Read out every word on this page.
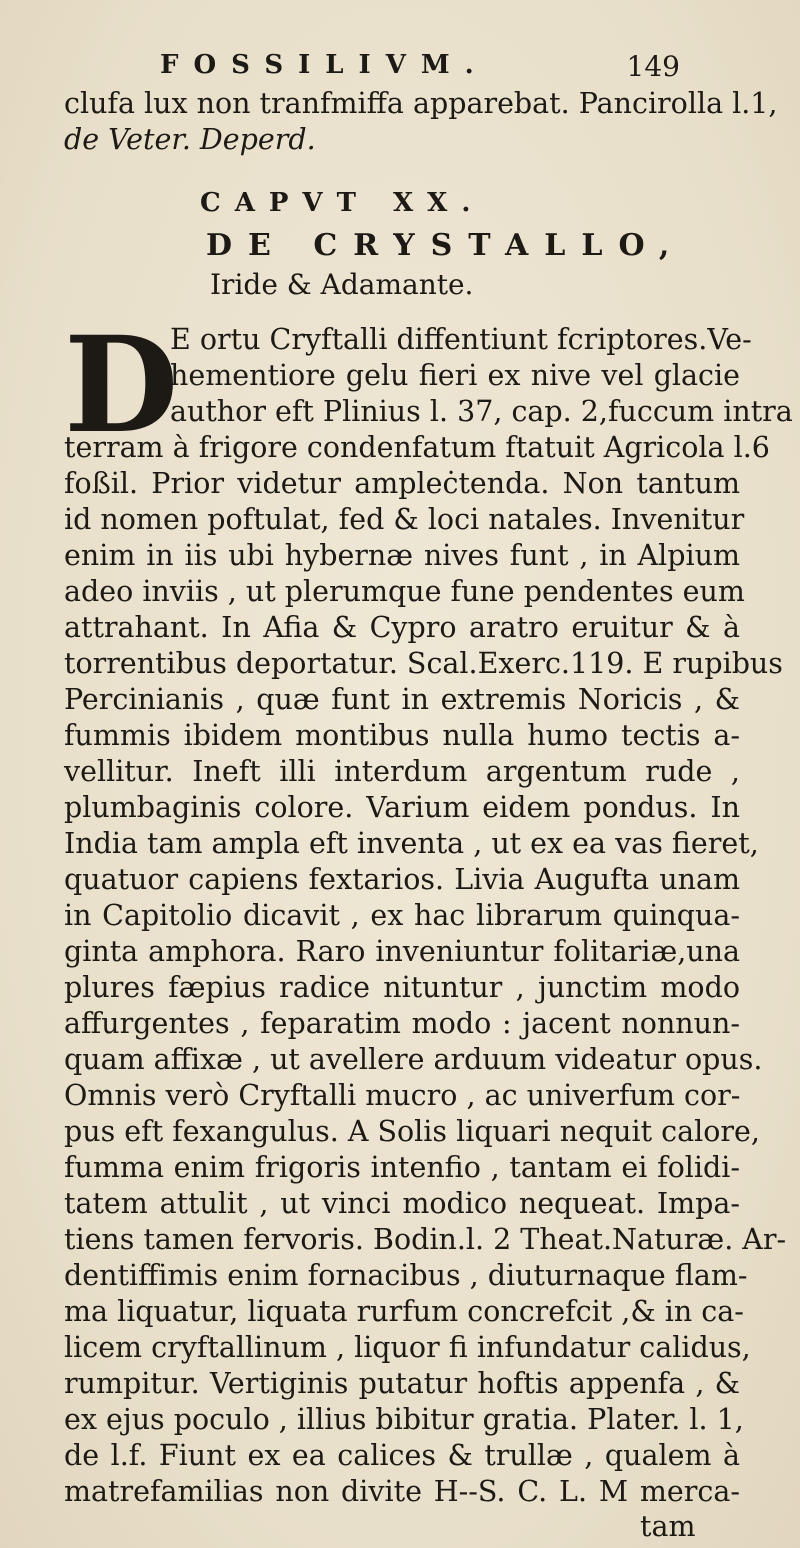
FOSSILIVM.	149
clufa lux non tranfmiffa apparebat. Pancirolla l.1,
de Veter. Deperd.
CAPVT XX.
DE CRYSTALLO,
Iride & Adamante.
D
E ortu Cryftalli diffentiunt fcriptores.Ve-
hementiore gelu fieri ex nive vel glacie
author eft Plinius l. 37, cap. 2,fuccum intra
terram à frigore condenfatum ftatuit Agricola l.6
foßil. Prior videtur ampleċtenda. Non tantum
id nomen poftulat, fed & loci natales. Invenitur
enim in iis ubi hybernæ nives funt , in Alpium
adeo inviis , ut plerumque fune pendentes eum
attrahant. In Afia & Cypro aratro eruitur & à
torrentibus deportatur. Scal.Exerc.119. E rupibus
Percinianis , quæ funt in extremis Noricis , &
fummis ibidem montibus nulla humo tectis a-
vellitur. Ineft illi interdum argentum rude ,
plumbaginis colore. Varium eidem pondus. In
India tam ampla eft inventa , ut ex ea vas fieret,
quatuor capiens fextarios. Livia Augufta unam
in Capitolio dicavit , ex hac librarum quinqua-
ginta amphora. Raro inveniuntur folitariæ,una
plures fæpius radice nituntur , junctim modo
affurgentes , feparatim modo : jacent nonnun-
quam affixæ , ut avellere arduum videatur opus.
Omnis verò Cryftalli mucro , ac univerfum cor-
pus eft fexangulus. A Solis liquari nequit calore,
fumma enim frigoris intenfio , tantam ei folidi-
tatem attulit , ut vinci modico nequeat. Impa-
tiens tamen fervoris. Bodin.l. 2 Theat.Naturæ. Ar-
dentiffimis enim fornacibus , diuturnaque flam-
ma liquatur, liquata rurfum concrefcit ,& in ca-
licem cryftallinum , liquor fi infundatur calidus,
rumpitur. Vertiginis putatur hoftis appenfa , &
ex ejus poculo , illius bibitur gratia. Plater. l. 1,
de l.f. Fiunt ex ea calices & trullæ , qualem à
matrefamilias non divite H--S. C. L. M merca-
tam
